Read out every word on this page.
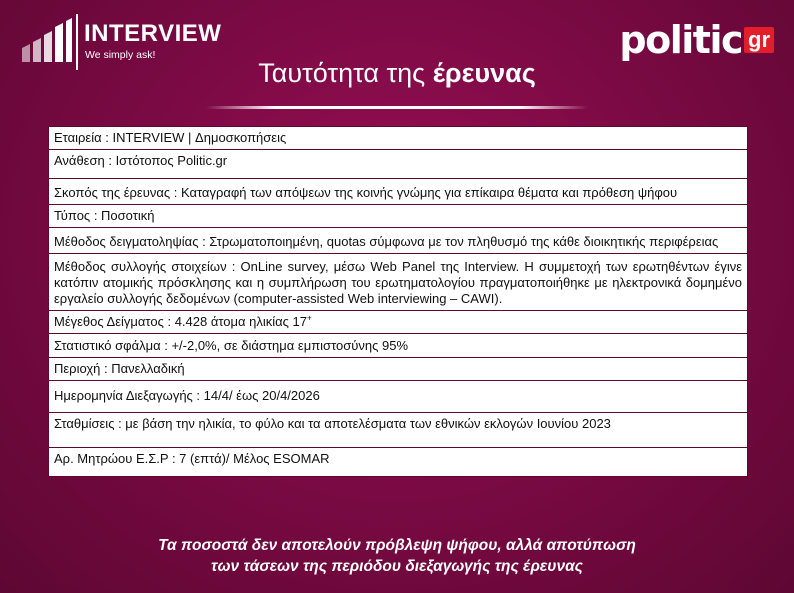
INTERVIEW
We simply ask!	politic gr
Ταυτότητα της έρευνας
Εταιρεία : INTERVIEW | Δημοσκοπήσεις
Ανάθεση : Ιστότοπος Politic.gr
Σκοπός της έρευνας : Καταγραφή των απόψεων της κοινής γνώμης για επίκαιρα θέματα και πρόθεση ψήφου
Τύπος : Ποσοτική
Μέθοδος δειγματοληψίας : Στρωματοποιημένη, quotas σύμφωνα με τον πληθυσμό της κάθε διοικητικής περιφέρειας
Μέθοδος συλλογής στοιχείων : OnLine survey, μέσω Web Panel της Interview. Η συμμετοχή των ερωτηθέντων έγινε κατόπιν ατομικής πρόσκλησης και η συμπλήρωση του ερωτηματολογίου πραγματοποιήθηκε με ηλεκτρονικά δομημένο εργαλείο συλλογής δεδομένων (computer-assisted Web interviewing – CAWI).
Μέγεθος Δείγματος : 4.428 άτομα ηλικίας 17+
Στατιστικό σφάλμα : +/-2,0%, σε διάστημα εμπιστοσύνης 95%
Περιοχή : Πανελλαδική
Ημερομηνία Διεξαγωγής : 14/4/ έως 20/4/2026
Σταθμίσεις : με βάση την ηλικία, το φύλο και τα αποτελέσματα των εθνικών εκλογών Ιουνίου 2023
Αρ. Μητρώου Ε.Σ.Ρ : 7 (επτά)/ Μέλος ESOMAR
Τα ποσοστά δεν αποτελούν πρόβλεψη ψήφου, αλλά αποτύπωση
των τάσεων της περιόδου διεξαγωγής της έρευνας
